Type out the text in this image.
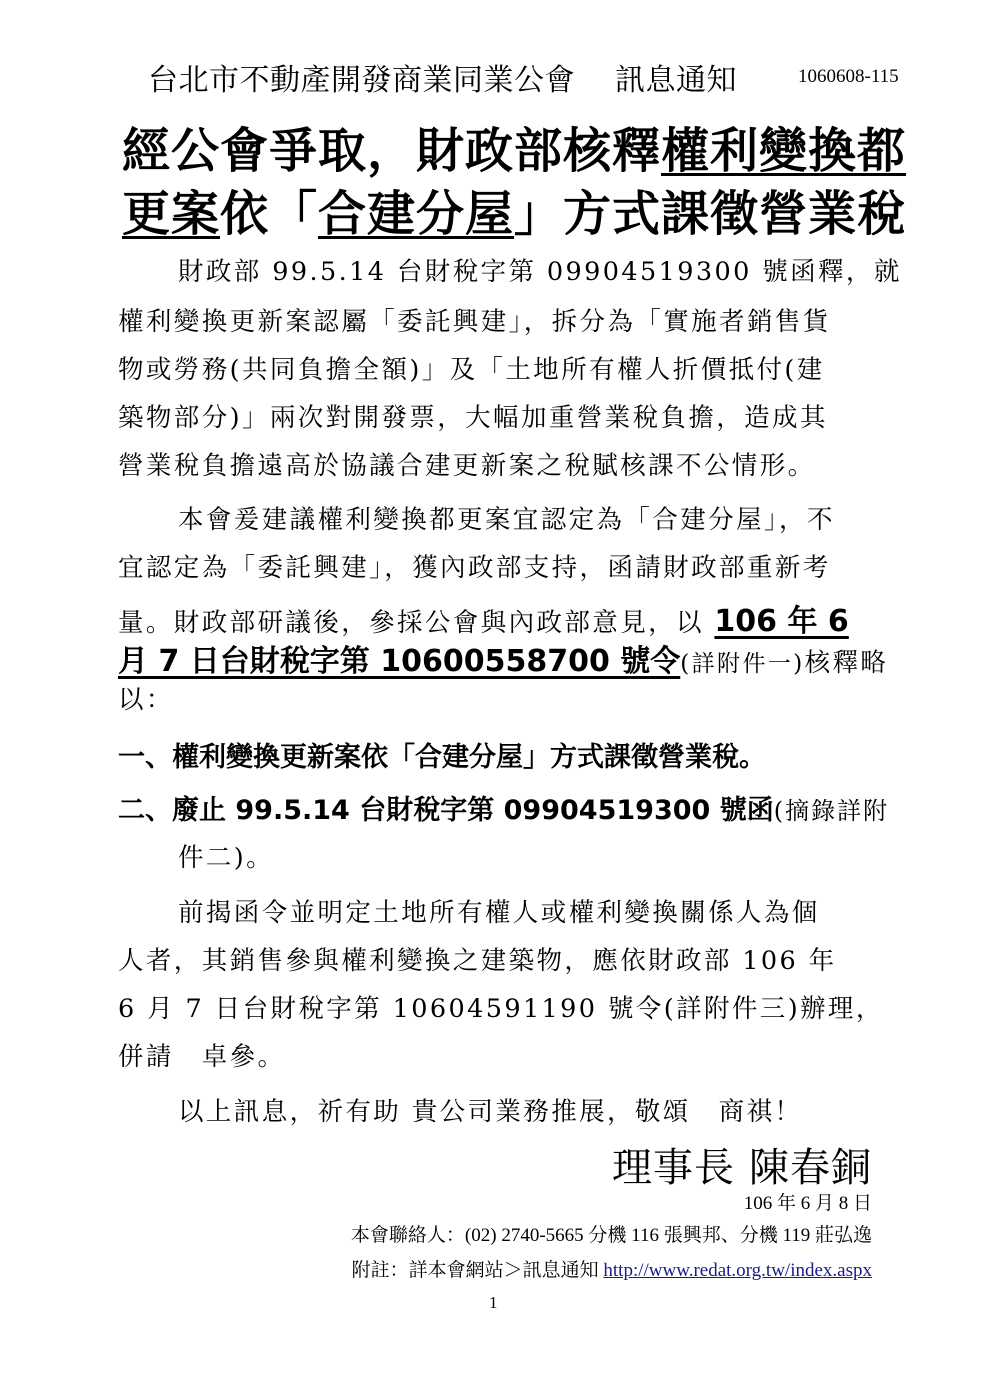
台北市不動產開發商業同業公會 訊息通知	1060608-115
經公會爭取，財政部核釋權利變換都
更案依「合建分屋」方式課徵營業稅
財政部 99.5.14 台財稅字第 09904519300 號函釋，就
權利變換更新案認屬「委託興建」，拆分為「實施者銷售貨
物或勞務(共同負擔全額)」及「土地所有權人折價抵付(建
築物部分)」兩次對開發票，大幅加重營業稅負擔，造成其
營業稅負擔遠高於協議合建更新案之稅賦核課不公情形。
本會爰建議權利變換都更案宜認定為「合建分屋」，不
宜認定為「委託興建」，獲內政部支持，函請財政部重新考
量。財政部研議後，參採公會與內政部意見，以 106 年 6
月 7 日台財稅字第 10600558700 號令(詳附件一)核釋略
以：
一、權利變換更新案依「合建分屋」方式課徵營業稅。
二、廢止 99.5.14 台財稅字第 09904519300 號函(摘錄詳附
件二)。
前揭函令並明定土地所有權人或權利變換關係人為個
人者，其銷售參與權利變換之建築物，應依財政部 106 年
6 月 7 日台財稅字第 10604591190 號令(詳附件三)辦理，
併請　卓參。
以上訊息，祈有助 貴公司業務推展，敬頌　商祺！
理事長 陳春銅
106 年 6 月 8 日
本會聯絡人：(02) 2740-5665 分機 116 張興邦、分機 119 莊弘逸
附註：詳本會網站＞訊息通知 http://www.redat.org.tw/index.aspx
1
